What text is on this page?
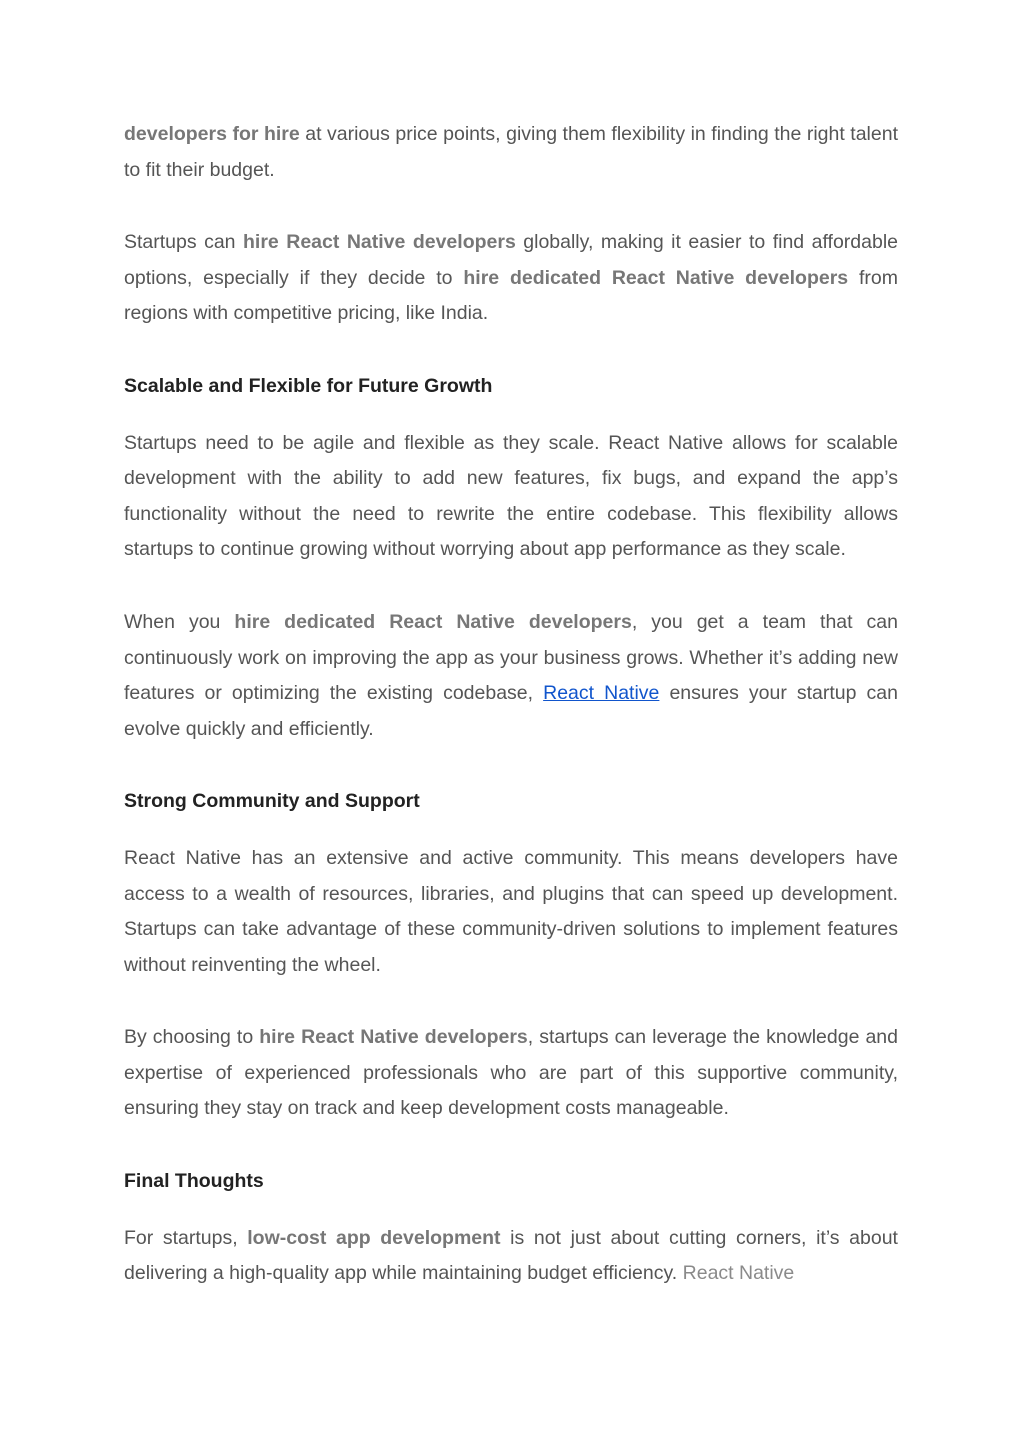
developers for hire at various price points, giving them flexibility in finding the right talent to fit their budget.

Startups can hire React Native developers globally, making it easier to find affordable options, especially if they decide to hire dedicated React Native developers from regions with competitive pricing, like India.

Scalable and Flexible for Future Growth

Startups need to be agile and flexible as they scale. React Native allows for scalable development with the ability to add new features, fix bugs, and expand the app’s functionality without the need to rewrite the entire codebase. This flexibility allows startups to continue growing without worrying about app performance as they scale.

When you hire dedicated React Native developers, you get a team that can continuously work on improving the app as your business grows. Whether it’s adding new features or optimizing the existing codebase, React Native ensures your startup can evolve quickly and efficiently.

Strong Community and Support

React Native has an extensive and active community. This means developers have access to a wealth of resources, libraries, and plugins that can speed up development. Startups can take advantage of these community-driven solutions to implement features without reinventing the wheel.

By choosing to hire React Native developers, startups can leverage the knowledge and expertise of experienced professionals who are part of this supportive community, ensuring they stay on track and keep development costs manageable.

Final Thoughts

For startups, low-cost app development is not just about cutting corners, it’s about delivering a high-quality app while maintaining budget efficiency. React Native
